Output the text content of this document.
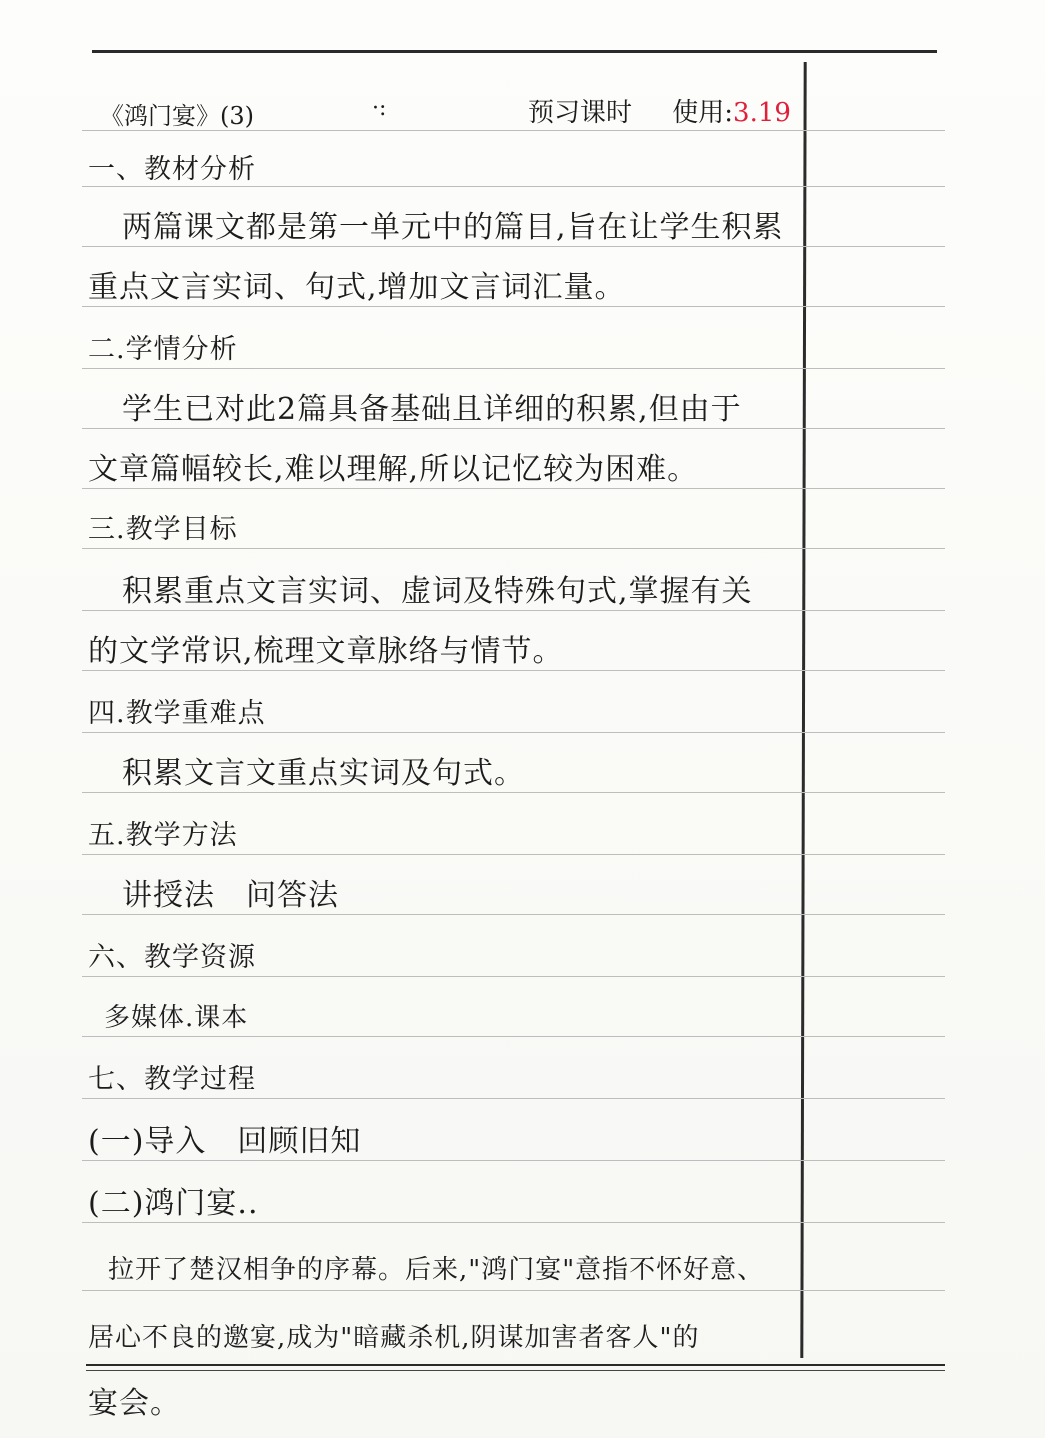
《鸿门宴》(3)	·:	预习课时 使用:3.19
一、教材分析
两篇课文都是第一单元中的篇目,旨在让学生积累
重点文言实词、句式,增加文言词汇量。
二.学情分析
学生已对此2篇具备基础且详细的积累,但由于
文章篇幅较长,难以理解,所以记忆较为困难。
三.教学目标
积累重点文言实词、虚词及特殊句式,掌握有关
的文学常识,梳理文章脉络与情节。
四.教学重难点
积累文言文重点实词及句式。
五.教学方法
讲授法　问答法
六、教学资源
多媒体.课本
七、教学过程
(一)导入　回顾旧知
(二)鸿门宴..
拉开了楚汉相争的序幕。后来,"鸿门宴"意指不怀好意、
居心不良的邀宴,成为"暗藏杀机,阴谋加害者客人"的
宴会。
